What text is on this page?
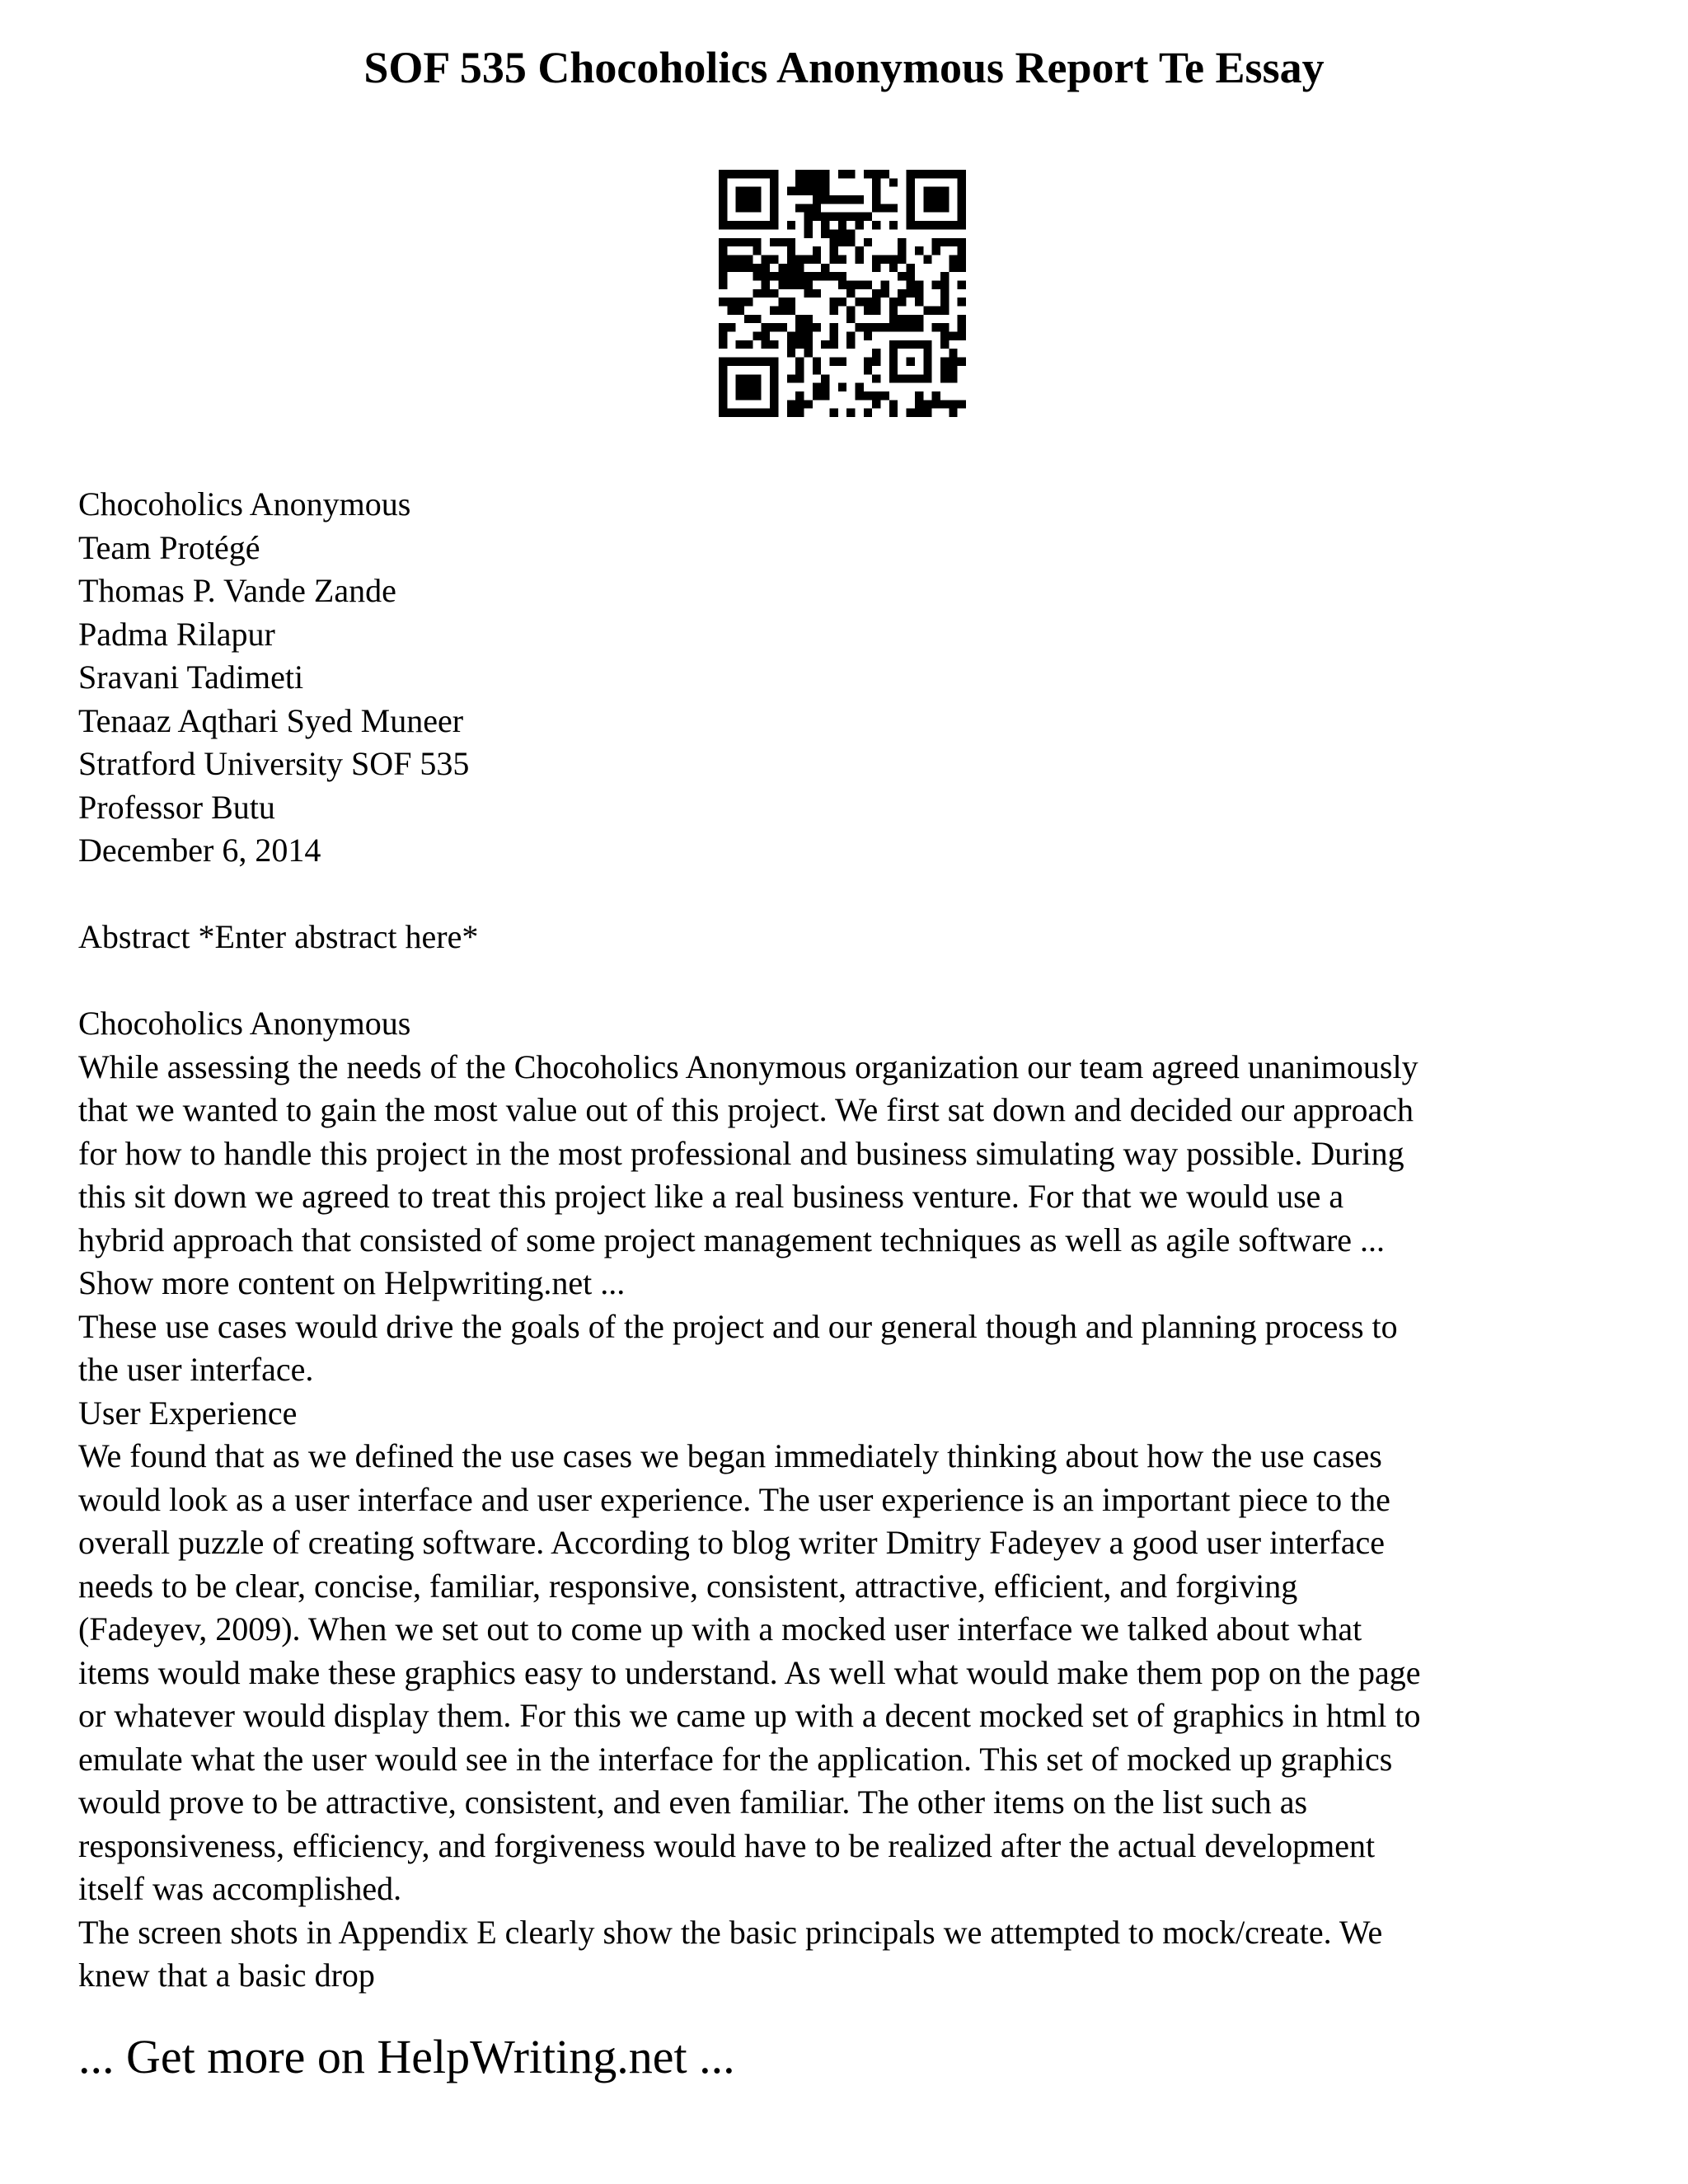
SOF 535 Chocoholics Anonymous Report Te Essay
Chocoholics Anonymous
Team Protégé
Thomas P. Vande Zande
Padma Rilapur
Sravani Tadimeti
Tenaaz Aqthari Syed Muneer
Stratford University SOF 535
Professor Butu
December 6, 2014
Abstract *Enter abstract here*
Chocoholics Anonymous
While assessing the needs of the Chocoholics Anonymous organization our team agreed unanimously
that we wanted to gain the most value out of this project. We first sat down and decided our approach
for how to handle this project in the most professional and business simulating way possible. During
this sit down we agreed to treat this project like a real business venture. For that we would use a
hybrid approach that consisted of some project management techniques as well as agile software ...
Show more content on Helpwriting.net ...
These use cases would drive the goals of the project and our general though and planning process to
the user interface.
User Experience
We found that as we defined the use cases we began immediately thinking about how the use cases
would look as a user interface and user experience. The user experience is an important piece to the
overall puzzle of creating software. According to blog writer Dmitry Fadeyev a good user interface
needs to be clear, concise, familiar, responsive, consistent, attractive, efficient, and forgiving
(Fadeyev, 2009). When we set out to come up with a mocked user interface we talked about what
items would make these graphics easy to understand. As well what would make them pop on the page
or whatever would display them. For this we came up with a decent mocked set of graphics in html to
emulate what the user would see in the interface for the application. This set of mocked up graphics
would prove to be attractive, consistent, and even familiar. The other items on the list such as
responsiveness, efficiency, and forgiveness would have to be realized after the actual development
itself was accomplished.
The screen shots in Appendix E clearly show the basic principals we attempted to mock/create. We
knew that a basic drop
... Get more on HelpWriting.net ...
